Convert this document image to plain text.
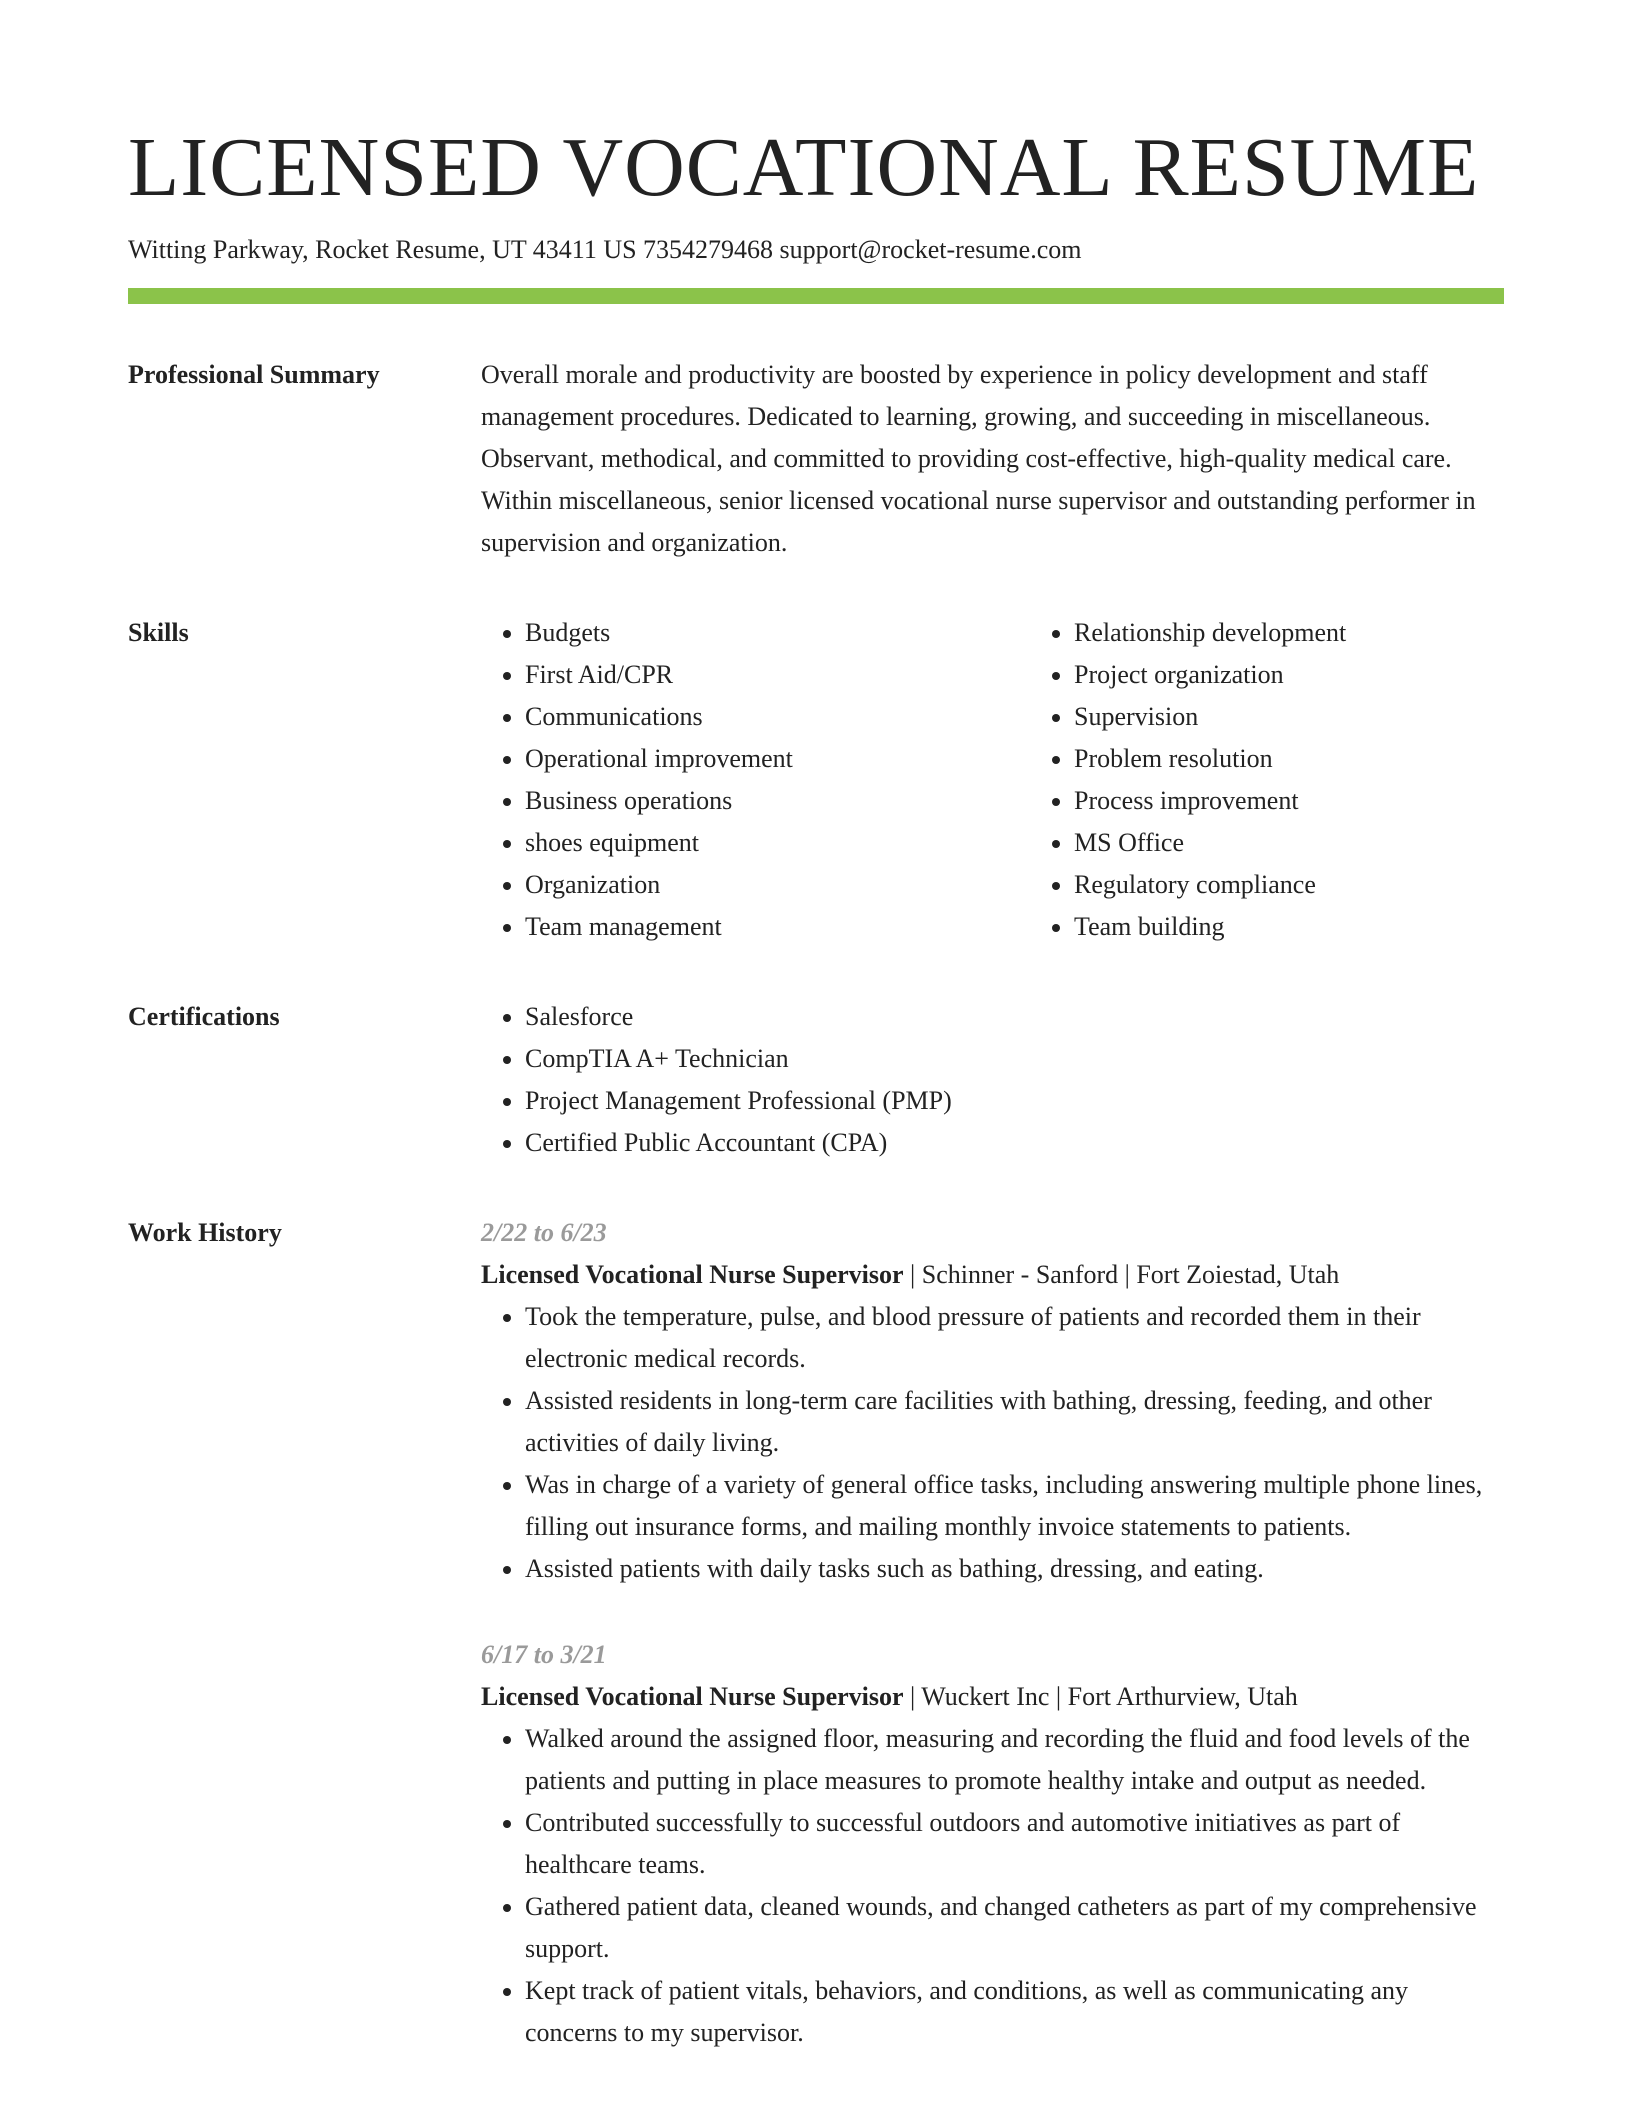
LICENSED VOCATIONAL RESUME
Witting Parkway, Rocket Resume, UT 43411 US 7354279468 support@rocket-resume.com
Professional Summary	Overall morale and productivity are boosted by experience in policy development and staff management procedures. Dedicated to learning, growing, and succeeding in miscellaneous. Observant, methodical, and committed to providing cost-effective, high-quality medical care. Within miscellaneous, senior licensed vocational nurse supervisor and outstanding performer in supervision and organization.

Skills	• Budgets
• First Aid/CPR
• Communications
• Operational improvement
• Business operations
• shoes equipment
• Organization
• Team management
• Relationship development
• Project organization
• Supervision
• Problem resolution
• Process improvement
• MS Office
• Regulatory compliance
• Team building
Certifications	• Salesforce
• CompTIA A+ Technician
• Project Management Professional (PMP)
• Certified Public Accountant (CPA)
Work History	2/22 to 6/23
Licensed Vocational Nurse Supervisor | Schinner - Sanford | Fort Zoiestad, Utah
• Took the temperature, pulse, and blood pressure of patients and recorded them in their electronic medical records.
• Assisted residents in long-term care facilities with bathing, dressing, feeding, and other activities of daily living.
• Was in charge of a variety of general office tasks, including answering multiple phone lines, filling out insurance forms, and mailing monthly invoice statements to patients.
• Assisted patients with daily tasks such as bathing, dressing, and eating.
6/17 to 3/21
Licensed Vocational Nurse Supervisor | Wuckert Inc | Fort Arthurview, Utah
• Walked around the assigned floor, measuring and recording the fluid and food levels of the patients and putting in place measures to promote healthy intake and output as needed.
• Contributed successfully to successful outdoors and automotive initiatives as part of healthcare teams.
• Gathered patient data, cleaned wounds, and changed catheters as part of my comprehensive support.
• Kept track of patient vitals, behaviors, and conditions, as well as communicating any concerns to my supervisor.
